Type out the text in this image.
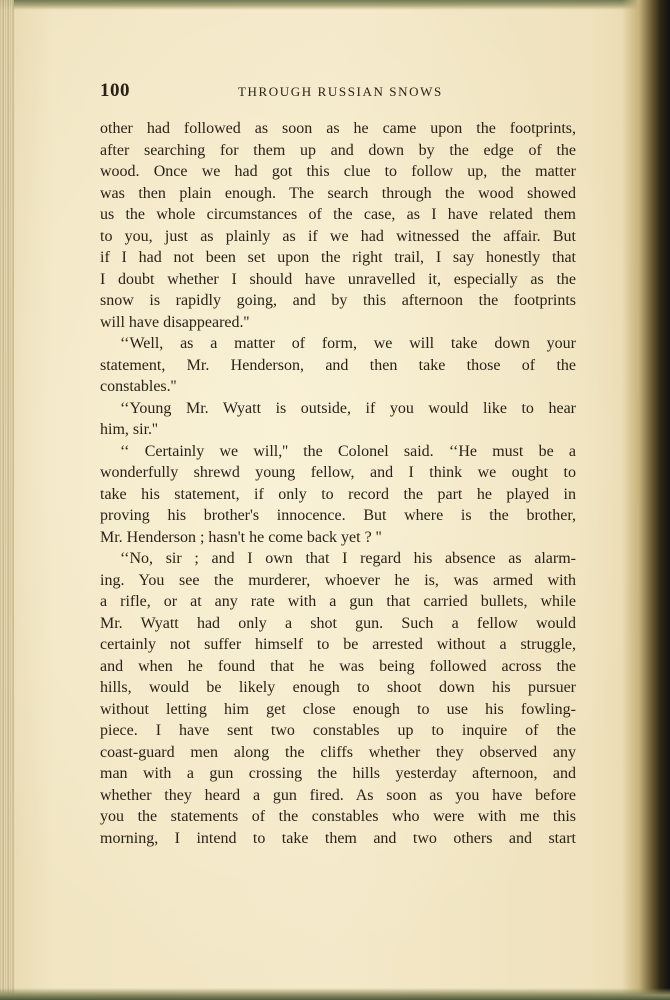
100	THROUGH RUSSIAN SNOWS
other had followed as soon as he came upon the footprints,
after searching for them up and down by the edge of the
wood. Once we had got this clue to follow up, the matter
was then plain enough. The search through the wood showed
us the whole circumstances of the case, as I have related them
to you, just as plainly as if we had witnessed the affair. But
if I had not been set upon the right trail, I say honestly that
I doubt whether I should have unravelled it, especially as the
snow is rapidly going, and by this afternoon the footprints
will have disappeared.''
‘‘Well, as a matter of form, we will take down your
statement, Mr. Henderson, and then take those of the
constables.''
‘‘Young Mr. Wyatt is outside, if you would like to hear
him, sir.''
‘‘ Certainly we will,'' the Colonel said. ‘‘He must be a
wonderfully shrewd young fellow, and I think we ought to
take his statement, if only to record the part he played in
proving his brother's innocence. But where is the brother,
Mr. Henderson ; hasn't he come back yet ? ''
‘‘No, sir ; and I own that I regard his absence as alarm-
ing. You see the murderer, whoever he is, was armed with
a rifle, or at any rate with a gun that carried bullets, while
Mr. Wyatt had only a shot gun. Such a fellow would
certainly not suffer himself to be arrested without a struggle,
and when he found that he was being followed across the
hills, would be likely enough to shoot down his pursuer
without letting him get close enough to use his fowling-
piece. I have sent two constables up to inquire of the
coast-guard men along the cliffs whether they observed any
man with a gun crossing the hills yesterday afternoon, and
whether they heard a gun fired. As soon as you have before
you the statements of the constables who were with me this
morning, I intend to take them and two others and start
